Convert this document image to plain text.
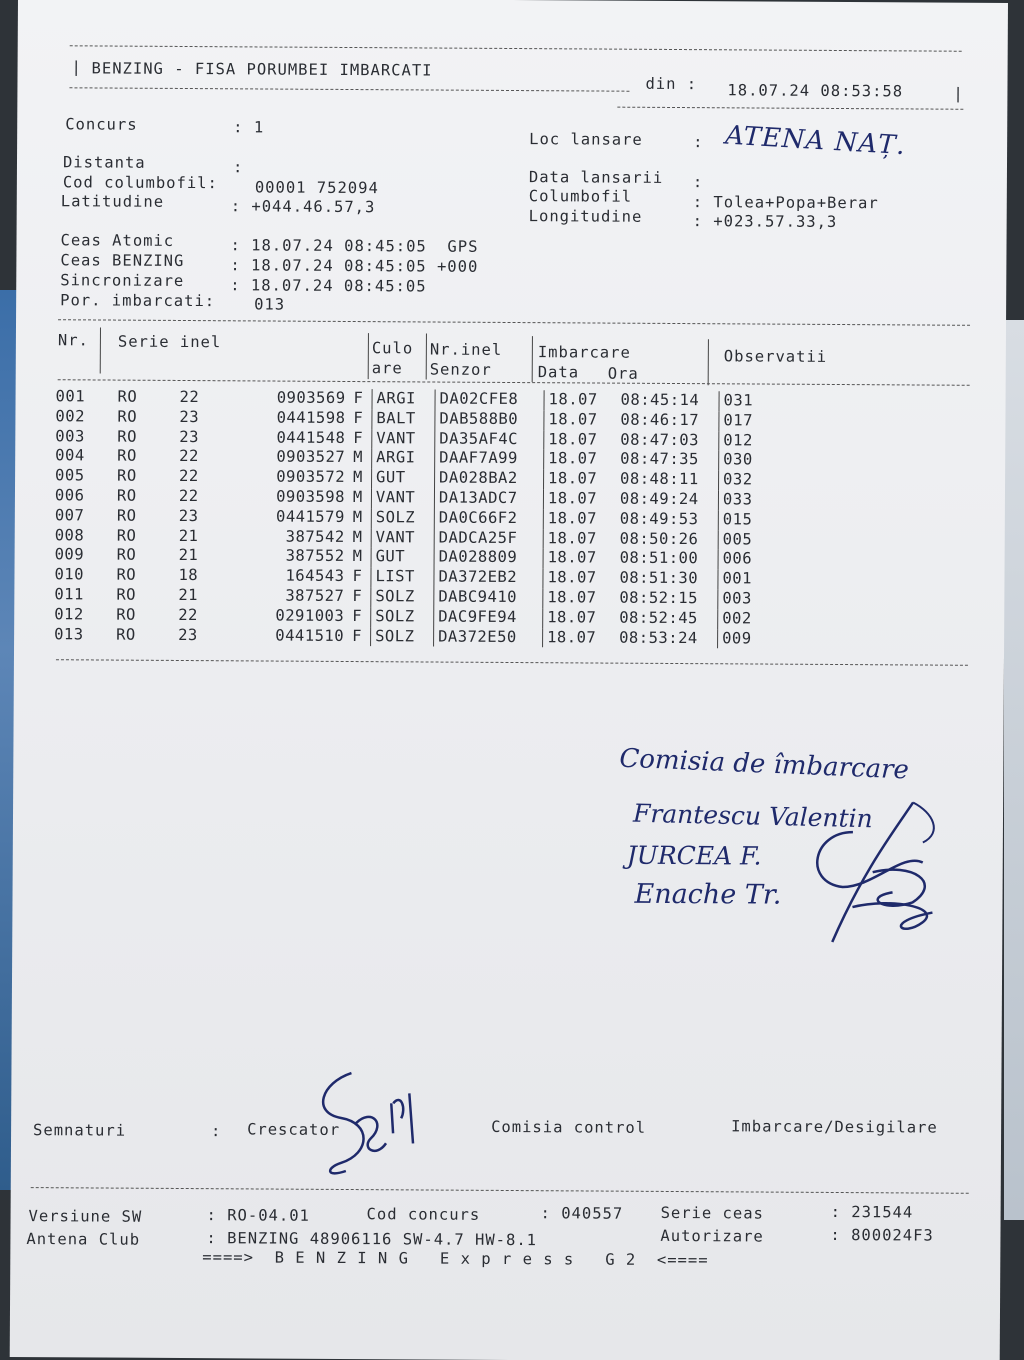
| BENZING - FISA PORUMBEI IMBARCATI
din : 18.07.24 08:53:58	|
Concurs	: 1
Distanta	:
Cod columbofil: 00001 752094
Latitudine	: +044.46.57,3
Loc lansare	: ATENA NAȚ.
Data lansarii :
Columbofil	: Tolea+Popa+Berar
Longitudine	: +023.57.33,3
Ceas Atomic	: 18.07.24 08:45:05  GPS
Ceas BENZING	: 18.07.24 08:45:05 +000
Sincronizare	: 18.07.24 08:45:05
Por. imbarcati:	013
Nr. Serie inel	Culo
are
Nr.inel
Senzor
Imbarcare
Data Ora
Observatii
001	RO	22	0903569	F	ARGI	DA02CFE8	18.07	08:45:14	031
002	RO	23	0441598	F	BALT	DAB588B0	18.07	08:46:17	017
003	RO	23	0441548	F	VANT	DA35AF4C	18.07	08:47:03	012
004	RO	22	0903527	M	ARGI	DAAF7A99	18.07	08:47:35	030
005	RO	22	0903572	M	GUT	DA028BA2	18.07	08:48:11	032
006	RO	22	0903598	M	VANT	DA13ADC7	18.07	08:49:24	033
007	RO	23	0441579	M	SOLZ	DA0C66F2	18.07	08:49:53	015
008	RO	21	387542	M	VANT	DADCA25F	18.07	08:50:26	005
009	RO	21	387552	M	GUT	DA028809	18.07	08:51:00	006
010	RO	18	164543	F	LIST	DA372EB2	18.07	08:51:30	001
011	RO	21	387527	F	SOLZ	DABC9410	18.07	08:52:15	003
012	RO	22	0291003	F	SOLZ	DAC9FE94	18.07	08:52:45	002
013	RO	23	0441510	F	SOLZ	DA372E50	18.07	08:53:24	009
Comisia de îmbarcare
Frantescu Valentin
JURCEA F.
Enache Tr.
Semnaturi	: Crescator	Comisia control	Imbarcare/Desigilare
Versiune SW	: RO-04.01	Cod concurs	: 040557 Serie ceas	: 231544
Antena Club	: BENZING 48906116 SW-4.7 HW-8.1	Autorizare	: 800024F3
====>  B E N Z I N G   E x p r e s s   G 2  <====
